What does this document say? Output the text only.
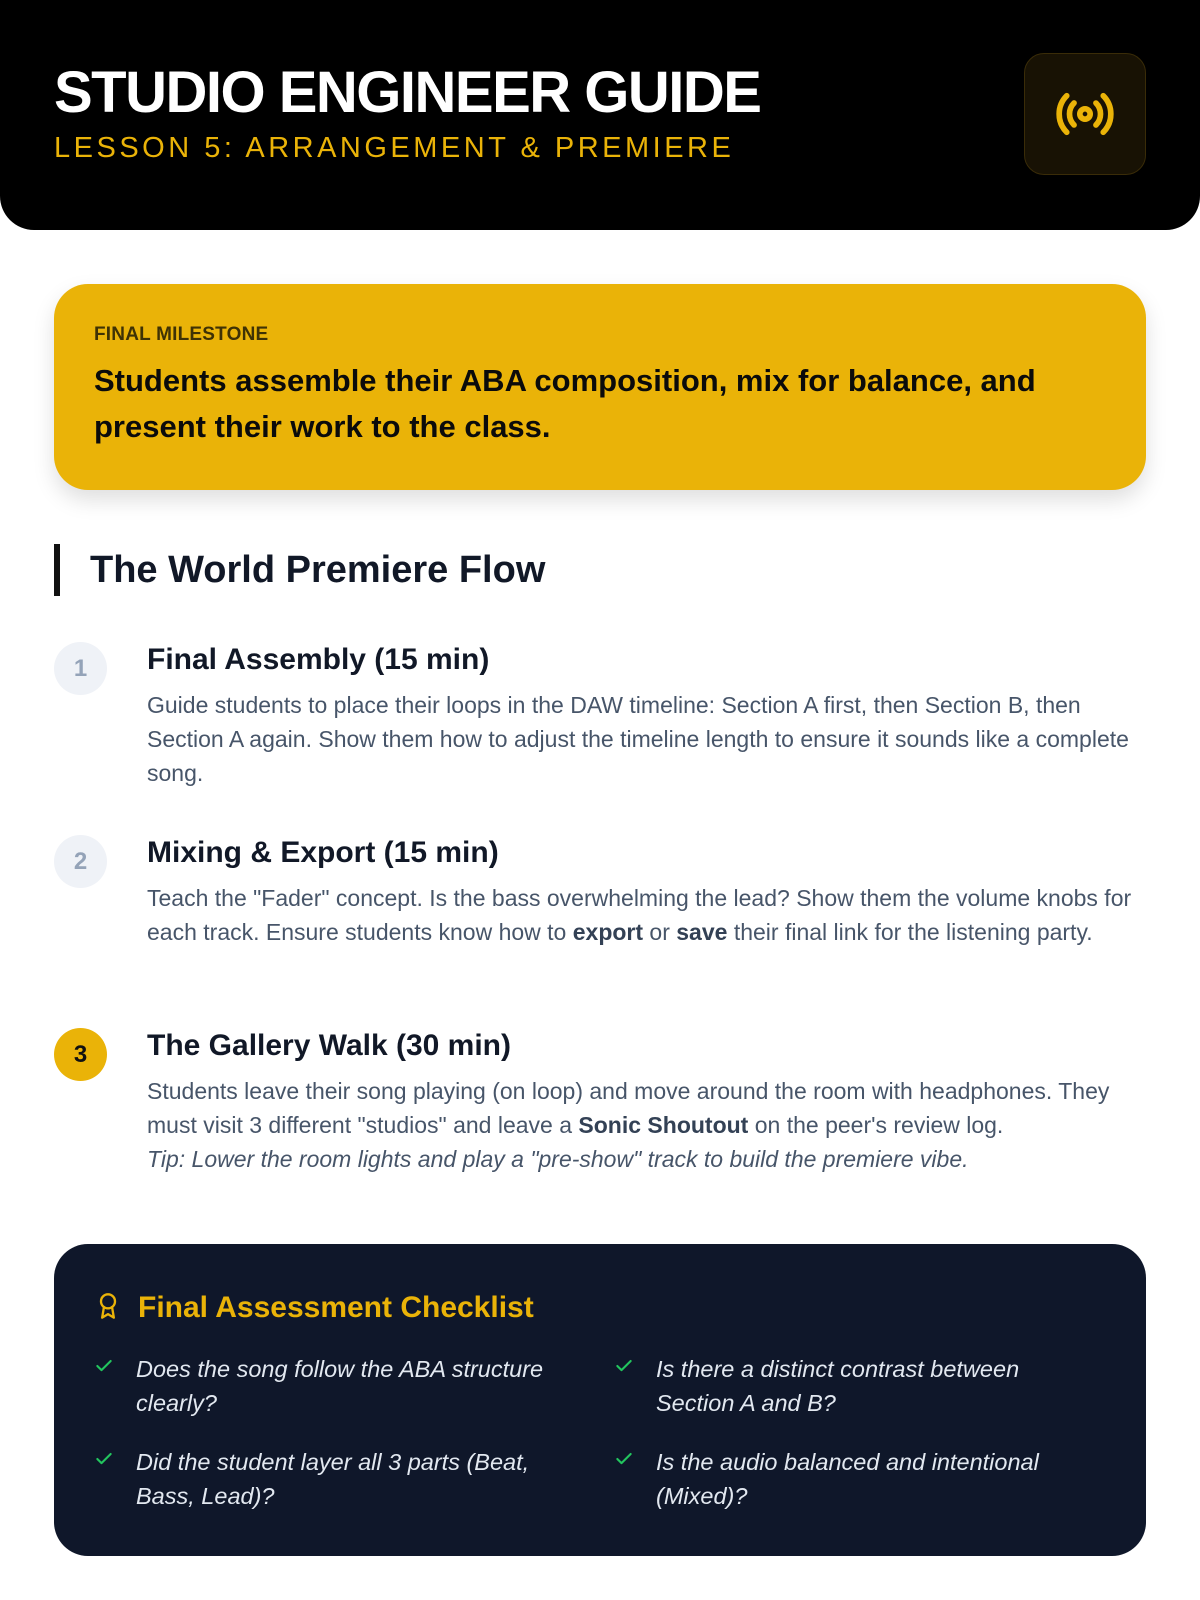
STUDIO ENGINEER GUIDE
LESSON 5: ARRANGEMENT & PREMIERE
FINAL MILESTONE
Students assemble their ABA composition, mix for balance, and present their work to the class.
The World Premiere Flow
1	Final Assembly (15 min)

Guide students to place their loops in the DAW timeline: Section A first, then Section B, then Section A again. Show them how to adjust the timeline length to ensure it sounds like a complete song.

2	Mixing & Export (15 min)

Teach the "Fader" concept. Is the bass overwhelming the lead? Show them the volume knobs for each track. Ensure students know how to export or save their final link for the listening party.

3	The Gallery Walk (30 min)

Students leave their song playing (on loop) and move around the room with headphones. They must visit 3 different "studios" and leave a Sonic Shoutout on the peer's review log.
Tip: Lower the room lights and play a "pre-show" track to build the premiere vibe.

Final Assessment Checklist
Does the song follow the ABA structure clearly?
Is there a distinct contrast between Section A and B?
Did the student layer all 3 parts (Beat, Bass, Lead)?
Is the audio balanced and intentional (Mixed)?
